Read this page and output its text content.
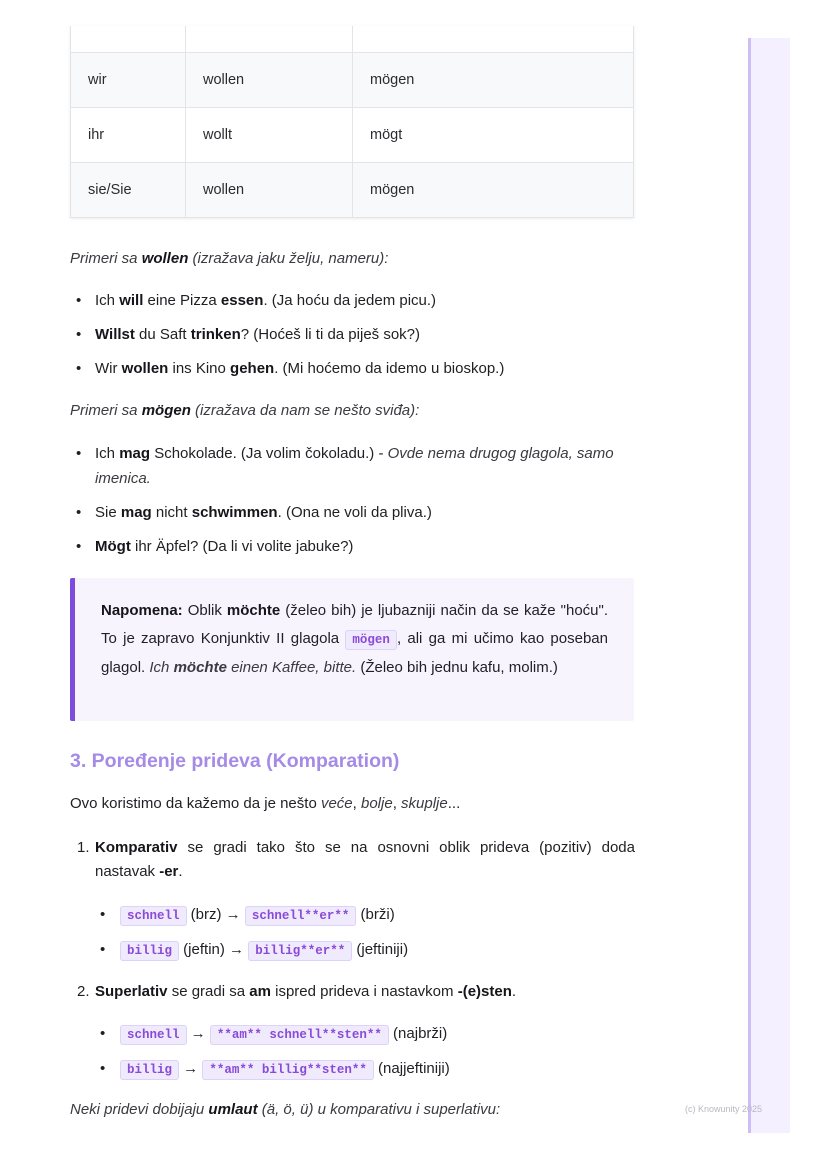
wir	wollen	mögen
ihr	wollt	mögt
sie/Sie	wollen	mögen
Primeri sa wollen (izražava jaku želju, nameru):
• Ich will eine Pizza essen. (Ja hoću da jedem picu.)
• Willst du Saft trinken? (Hoćeš li ti da piješ sok?)
• Wir wollen ins Kino gehen. (Mi hoćemo da idemo u bioskop.)
Primeri sa mögen (izražava da nam se nešto sviđa):
• Ich mag Schokolade. (Ja volim čokoladu.) - Ovde nema drugog glagola, samo imenica.
• Sie mag nicht schwimmen. (Ona ne voli da pliva.)
• Mögt ihr Äpfel? (Da li vi volite jabuke?)
Napomena: Oblik möchte (želeo bih) je ljubazniji način da se kaže "hoću". To je zapravo Konjunktiv II glagola mögen , ali ga mi učimo kao poseban glagol. Ich möchte einen Kaffee, bitte. (Želeo bih jednu kafu, molim.)
3. Poređenje prideva (Komparation)
Ovo koristimo da kažemo da je nešto veće, bolje, skuplje...
1. Komparativ se gradi tako što se na osnovni oblik prideva (pozitiv) doda nastavak -er.
• schnell (brz) → schnell**er** (brži)
• billig (jeftin) → billig**er** (jeftiniji)
2. Superlativ se gradi sa am ispred prideva i nastavkom -(e)sten.
• schnell → **am** schnell**sten** (najbrži)
• billig → **am** billig**sten** (najjeftiniji)
Neki pridevi dobijaju umlaut (ä, ö, ü) u komparativu i superlativu:	(c) Knowunity 2025
